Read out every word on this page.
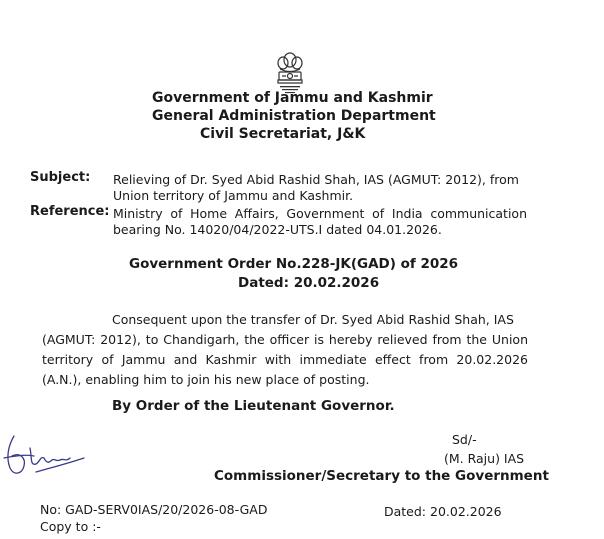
Government of Jammu and Kashmir
General Administration Department
Civil Secretariat, J&K
Subject: Relieving of Dr. Syed Abid Rashid Shah, IAS (AGMUT: 2012), from
Union territory of Jammu and Kashmir.
Reference: Ministry of Home Affairs, Government of India communication
bearing No. 14020/04/2022-UTS.I dated 04.01.2026.
Government Order No.228-JK(GAD) of 2026
Dated: 20.02.2026
Consequent upon the transfer of Dr. Syed Abid Rashid Shah, IAS
(AGMUT: 2012), to Chandigarh, the officer is hereby relieved from the Union
territory of Jammu and Kashmir with immediate effect from 20.02.2026
(A.N.), enabling him to join his new place of posting.
By Order of the Lieutenant Governor.
Sd/-
(M. Raju) IAS
Commissioner/Secretary to the Government
No: GAD-SERV0IAS/20/2026-08-GAD	Dated: 20.02.2026
Copy to :-
